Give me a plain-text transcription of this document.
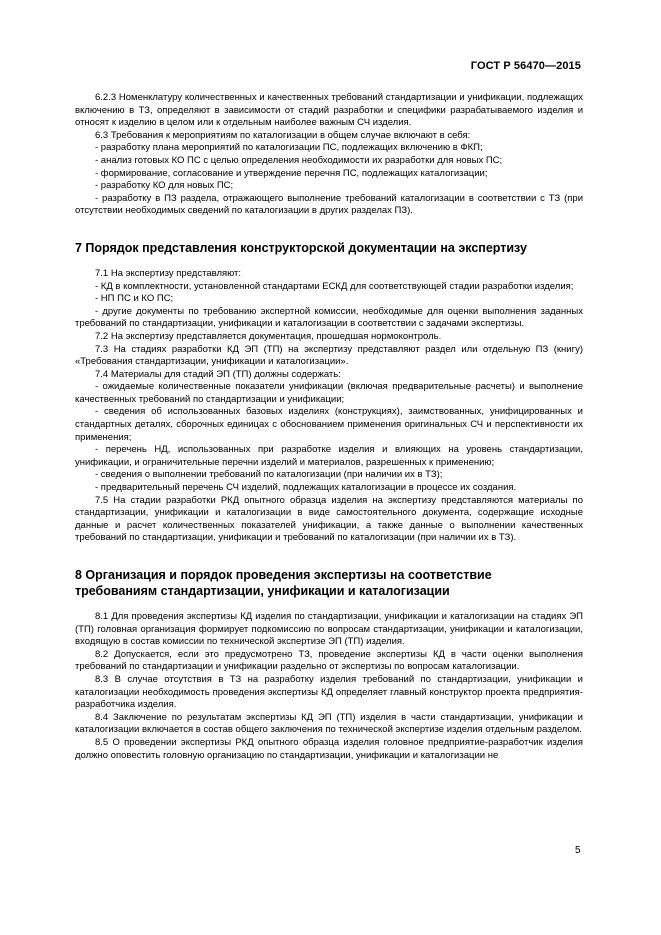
ГОСТ Р 56470—2015

6.2.3 Номенклатуру количественных и качественных требований стандартизации и унификации, подлежащих включению в ТЗ, определяют в зависимости от стадий разработки и специфики разрабатываемого изделия и относят к изделию в целом или к отдельным наиболее важным СЧ изделия.

6.3 Требования к мероприятиям по каталогизации в общем случае включают в себя:

- разработку плана мероприятий по каталогизации ПС, подлежащих включению в ФКП;

- анализ готовых КО ПС с целью определения необходимости их разработки для новых ПС;

- формирование, согласование и утверждение перечня ПС, подлежащих каталогизации;

- разработку КО для новых ПС;

- разработку в ПЗ раздела, отражающего выполнение требований каталогизации в соответствии с ТЗ (при отсутствии необходимых сведений по каталогизации в других разделах ПЗ).

7 Порядок представления конструкторской документации на экспертизу

7.1 На экспертизу представляют:

- КД в комплектности, установленной стандартами ЕСКД для соответствующей стадии разработки изделия;

- НП ПС и КО ПС;

- другие документы по требованию экспертной комиссии, необходимые для оценки выполнения заданных требований по стандартизации, унификации и каталогизации в соответствии с задачами экспертизы.

7.2 На экспертизу представляется документация, прошедшая нормоконтроль.

7.3 На стадиях разработки КД ЭП (ТП) на экспертизу представляют раздел или отдельную ПЗ (книгу) «Требования стандартизации, унификации и каталогизации».

7.4 Материалы для стадий ЭП (ТП) должны содержать:

- ожидаемые количественные показатели унификации (включая предварительные расчеты) и выполнение качественных требований по стандартизации и унификации;

- сведения об использованных базовых изделиях (конструкциях), заимствованных, унифицированных и стандартных деталях, сборочных единицах с обоснованием применения оригинальных СЧ и перспективности их применения;

- перечень НД, использованных при разработке изделия и влияющих на уровень стандартизации, унификации, и ограничительные перечни изделий и материалов, разрешенных к применению;

- сведения о выполнении требований по каталогизации (при наличии их в ТЗ);

- предварительный перечень СЧ изделий, подлежащих каталогизации в процессе их создания.

7.5 На стадии разработки РКД опытного образца изделия на экспертизу представляются материалы по стандартизации, унификации и каталогизации в виде самостоятельного документа, содержащие исходные данные и расчет количественных показателей унификации, а также данные о выполнении качественных требований по стандартизации, унификации и требований по каталогизации (при наличии их в ТЗ).

8 Организация и порядок проведения экспертизы на соответствие
требованиям стандартизации, унификации и каталогизации

8.1 Для проведения экспертизы КД изделия по стандартизации, унификации и каталогизации на стадиях ЭП (ТП) головная организация формирует подкомиссию по вопросам стандартизации, унификации и каталогизации, входящую в состав комиссии по технической экспертизе ЭП (ТП) изделия.

8.2 Допускается, если это предусмотрено ТЗ, проведение экспертизы КД в части оценки выполнения требований по стандартизации и унификации раздельно от экспертизы по вопросам каталогизации.

8.3 В случае отсутствия в ТЗ на разработку изделия требований по стандартизации, унификации и каталогизации необходимость проведения экспертизы КД определяет главный конструктор проекта предприятия-разработчика изделия.

8.4 Заключение по результатам экспертизы КД ЭП (ТП) изделия в части стандартизации, унификации и каталогизации включается в состав общего заключения по технической экспертизе изделия отдельным разделом.

8.5 О проведении экспертизы РКД опытного образца изделия головное предприятие-разработчик изделия должно оповестить головную организацию по стандартизации, унификации и каталогизации не

5
